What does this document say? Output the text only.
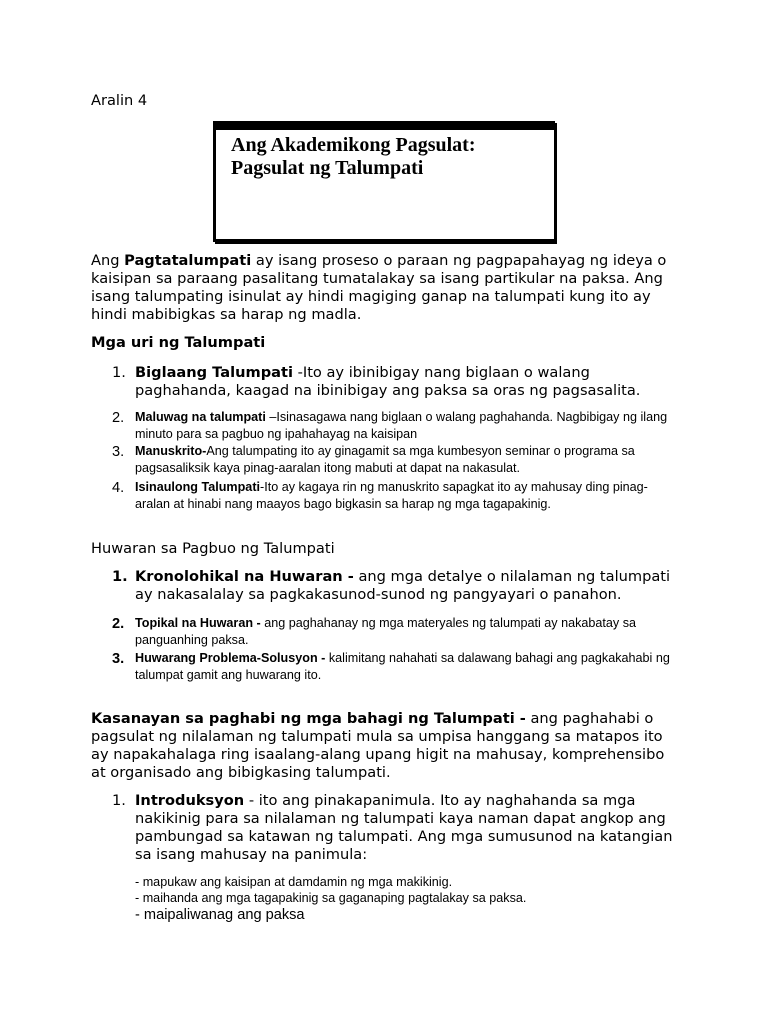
Aralin 4
Ang Akademikong Pagsulat:
Pagsulat ng Talumpati
Ang Pagtatalumpati ay isang proseso o paraan ng pagpapahayag ng ideya o kaisipan sa paraang pasalitang tumatalakay sa isang partikular na paksa. Ang isang talumpating isinulat ay hindi magiging ganap na talumpati kung ito ay hindi mabibigkas sa harap ng madla.
Mga uri ng Talumpati
1. Biglaang Talumpati -Ito ay ibinibigay nang biglaan o walang paghahanda, kaagad na ibinibigay ang paksa sa oras ng pagsasalita.
2. Maluwag na talumpati –Isinasagawa nang biglaan o walang paghahanda. Nagbibigay ng ilang minuto para sa pagbuo ng ipahahayag na kaisipan
3. Manuskrito-Ang talumpating ito ay ginagamit sa mga kumbesyon seminar o programa sa pagsasaliksik kaya pinag-aaralan itong mabuti at dapat na nakasulat.
4. Isinaulong Talumpati-Ito ay kagaya rin ng manuskrito sapagkat ito ay mahusay ding pinag-aralan at hinabi nang maayos bago bigkasin sa harap ng mga tagapakinig.
Huwaran sa Pagbuo ng Talumpati
1. Kronolohikal na Huwaran - ang mga detalye o nilalaman ng talumpati ay nakasalalay sa pagkakasunod-sunod ng pangyayari o panahon.
2. Topikal na Huwaran - ang paghahanay ng mga materyales ng talumpati ay nakabatay sa panguanhing paksa.
3. Huwarang Problema-Solusyon - kalimitang nahahati sa dalawang bahagi ang pagkakahabi ng talumpat gamit ang huwarang ito.
Kasanayan sa paghabi ng mga bahagi ng Talumpati - ang paghahabi o pagsulat ng nilalaman ng talumpati mula sa umpisa hanggang sa matapos ito ay napakahalaga ring isaalang-alang upang higit na mahusay, komprehensibo at organisado ang bibigkasing talumpati.
1. Introduksyon - ito ang pinakapanimula. Ito ay naghahanda sa mga nakikinig para sa nilalaman ng talumpati kaya naman dapat angkop ang pambungad sa katawan ng talumpati. Ang mga sumusunod na katangian sa isang mahusay na panimula:
- mapukaw ang kaisipan at damdamin ng mga makikinig.
- maihanda ang mga tagapakinig sa gaganaping pagtalakay sa paksa.
- maipaliwanag ang paksa
